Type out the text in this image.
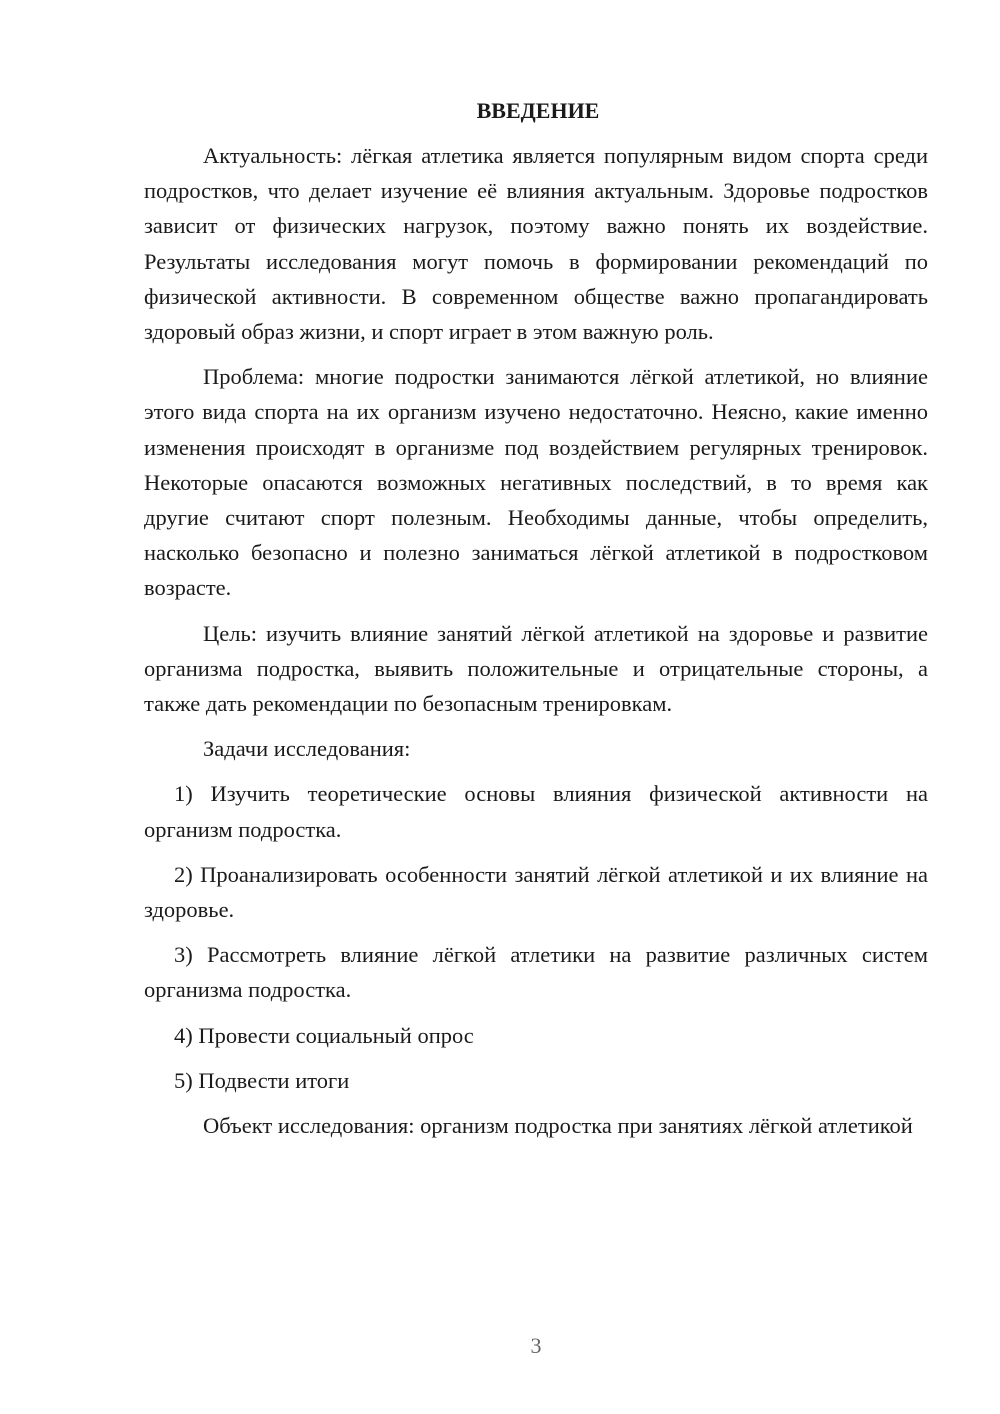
ВВЕДЕНИЕ

Актуальность: лёгкая атлетика является популярным видом спорта среди подростков, что делает изучение её влияния актуальным. Здоровье подростков зависит от физических нагрузок, поэтому важно понять их воздействие. Результаты исследования могут помочь в формировании рекомендаций по физической активности. В современном обществе важно пропагандировать здоровый образ жизни, и спорт играет в этом важную роль.

Проблема: многие подростки занимаются лёгкой атлетикой, но влияние этого вида спорта на их организм изучено недостаточно. Неясно, какие именно изменения происходят в организме под воздействием регулярных тренировок. Некоторые опасаются возможных негативных последствий, в то время как другие считают спорт полезным. Необходимы данные, чтобы определить, насколько безопасно и полезно заниматься лёгкой атлетикой в подростковом возрасте.

Цель: изучить влияние занятий лёгкой атлетикой на здоровье и развитие организма подростка, выявить положительные и отрицательные стороны, а также дать рекомендации по безопасным тренировкам.

Задачи исследования:

1) Изучить теоретические основы влияния физической активности на организм подростка.

2) Проанализировать особенности занятий лёгкой атлетикой и их влияние на здоровье.

3) Рассмотреть влияние лёгкой атлетики на развитие различных систем организма подростка.

4) Провести социальный опрос

5) Подвести итоги

Объект исследования: организм подростка при занятиях лёгкой атлетикой

3
